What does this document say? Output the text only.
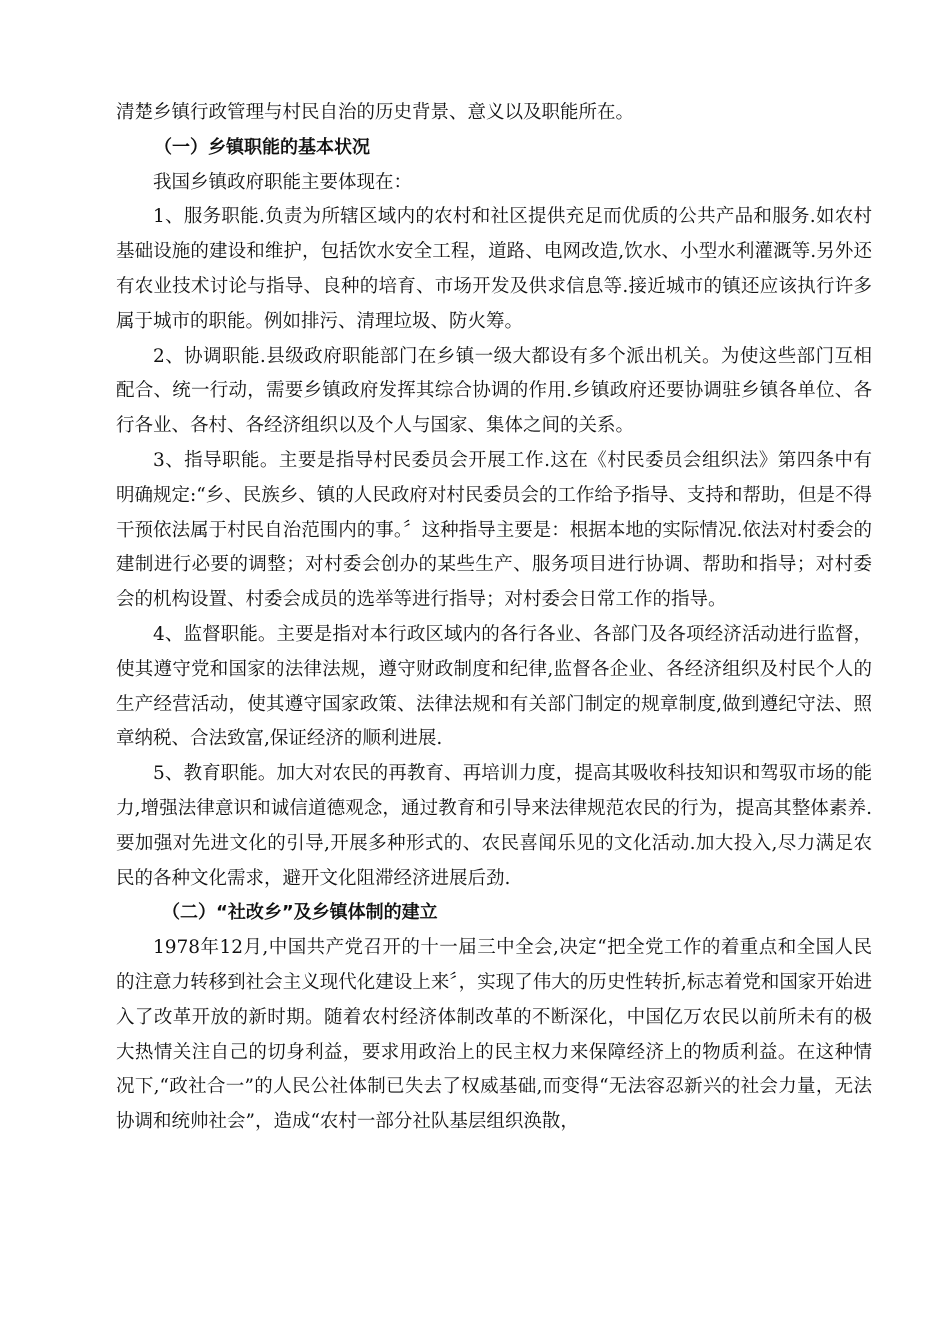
清楚乡镇行政管理与村民自治的历史背景、意义以及职能所在。

（一）乡镇职能的基本状况

我国乡镇政府职能主要体现在：

1、服务职能.负责为所辖区域内的农村和社区提供充足而优质的公共产品和服务.如农村基础设施的建设和维护，包括饮水安全工程，道路、电网改造,饮水、小型水利灌溉等.另外还有农业技术讨论与指导、良种的培育、市场开发及供求信息等.接近城市的镇还应该执行许多属于城市的职能。例如排污、清理垃圾、防火筹。

2、协调职能.县级政府职能部门在乡镇一级大都设有多个派出机关。为使这些部门互相配合、统一行动，需要乡镇政府发挥其综合协调的作用.乡镇政府还要协调驻乡镇各单位、各行各业、各村、各经济组织以及个人与国家、集体之间的关系。

3、指导职能。主要是指导村民委员会开展工作.这在《村民委员会组织法》第四条中有明确规定:“乡、民族乡、镇的人民政府对村民委员会的工作给予指导、支持和帮助，但是不得干预依法属于村民自治范围内的事。〞这种指导主要是：根据本地的实际情况.依法对村委会的建制进行必要的调整；对村委会创办的某些生产、服务项目进行协调、帮助和指导；对村委会的机构设置、村委会成员的选举等进行指导；对村委会日常工作的指导。

4、监督职能。主要是指对本行政区域内的各行各业、各部门及各项经济活动进行监督，使其遵守党和国家的法律法规，遵守财政制度和纪律,监督各企业、各经济组织及村民个人的生产经营活动，使其遵守国家政策、法律法规和有关部门制定的规章制度,做到遵纪守法、照章纳税、合法致富,保证经济的顺利进展.

5、教育职能。加大对农民的再教育、再培训力度，提高其吸收科技知识和驾驭市场的能力,增强法律意识和诚信道德观念，通过教育和引导来法律规范农民的行为，提高其整体素养.要加强对先进文化的引导,开展多种形式的、农民喜闻乐见的文化活动.加大投入,尽力满足农民的各种文化需求，避开文化阻滞经济进展后劲.

（二）“社改乡”及乡镇体制的建立

1978年12月,中国共产党召开的十一届三中全会,决定“把全党工作的着重点和全国人民的注意力转移到社会主义现代化建设上来〞，实现了伟大的历史性转折,标志着党和国家开始进入了改革开放的新时期。随着农村经济体制改革的不断深化，中国亿万农民以前所未有的极大热情关注自己的切身利益，要求用政治上的民主权力来保障经济上的物质利益。在这种情况下,“政社合一”的人民公社体制已失去了权威基础,而变得“无法容忍新兴的社会力量，无法协调和统帅社会”，造成“农村一部分社队基层组织涣散，
